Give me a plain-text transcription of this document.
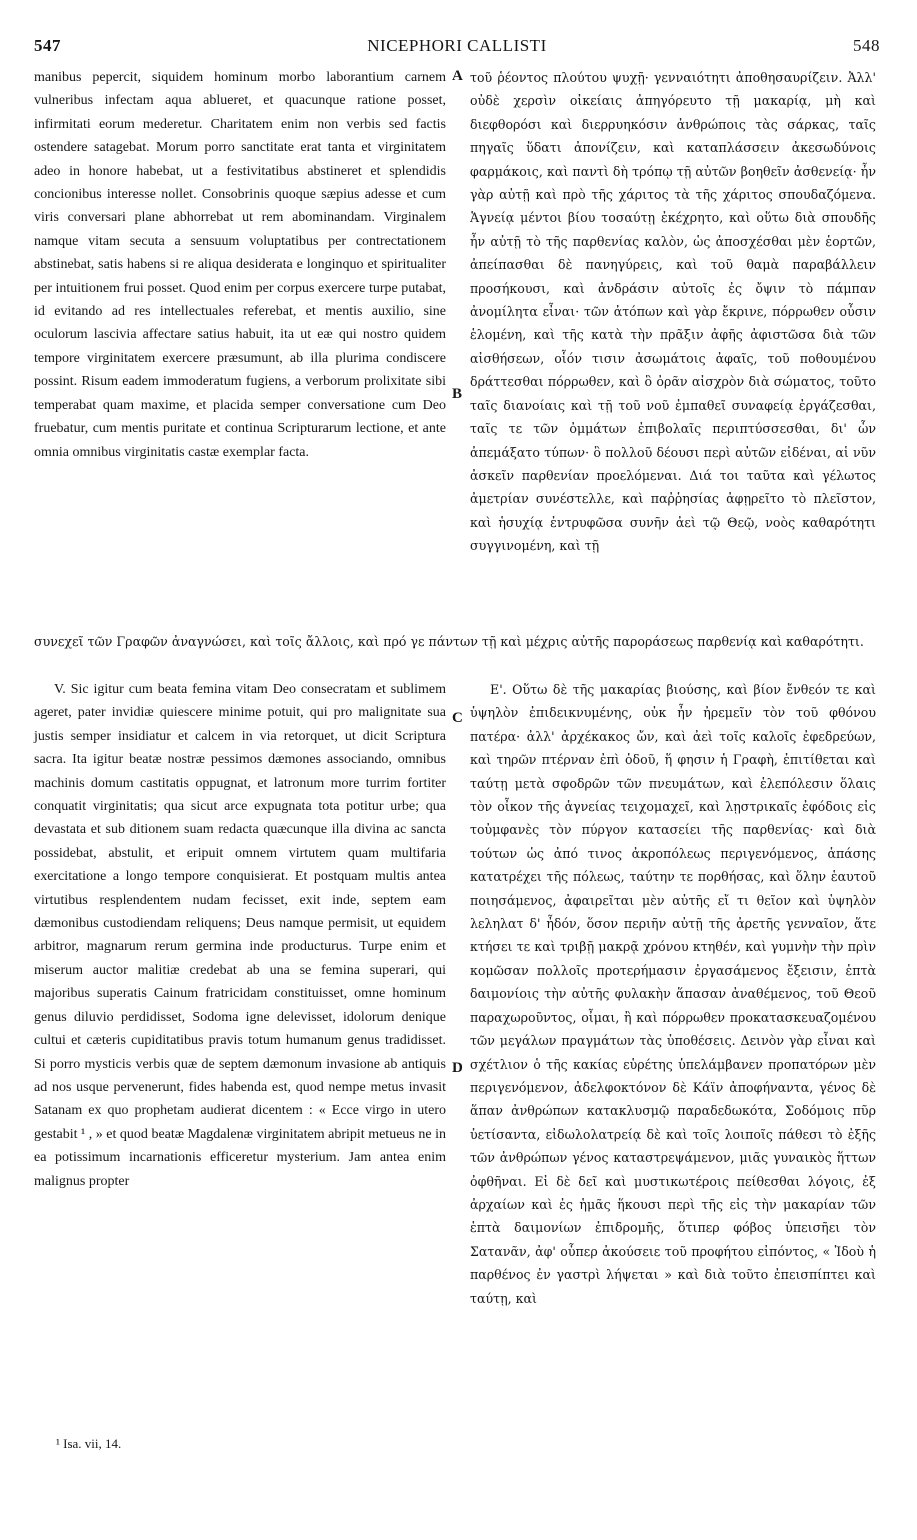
547	NICEPHORI CALLISTI	548

manibus pepercit, siquidem hominum morbo laborantium carnem vulneribus infectam aqua ablueret, et quacunque ratione posset, infirmitati eorum mederetur. Charitatem enim non verbis sed factis ostendere satagebat. Morum porro sanctitate erat tanta et virginitatem adeo in honore habebat, ut a festivitatibus abstineret et splendidis concionibus interesse nollet. Consobrinis quoque sæpius adesse et cum viris conversari plane abhorrebat ut rem abominandam. Virginalem namque vitam secuta a sensuum voluptatibus per contrectationem abstinebat, satis habens si re aliqua desiderata e longinquo et spiritualiter per intuitionem frui posset. Quod enim per corpus exercere turpe putabat, id evitando ad res intellectuales referebat, et mentis auxilio, sine oculorum lascivia affectare satius habuit, ita ut eæ qui nostro quidem tempore virginitatem exercere præsumunt, ab illa plurima condiscere possint. Risum eadem immoderatum fugiens, a verborum prolixitate sibi temperabat quam maxime, et placida semper conversatione cum Deo fruebatur, cum mentis puritate et continua Scripturarum lectione, et ante omnia omnibus virginitatis castæ exemplar facta.

τοῦ ῥέοντος πλούτου ψυχῇ· γενναιότητι ἀποθησαυρίζειν. Ἀλλ' οὐδὲ χερσὶν οἰκείαις ἀπηγόρευτο τῇ μακαρίᾳ, μὴ καὶ διεφθορόσι καὶ διερρυηκόσιν ἀνθρώποις τὰς σάρκας, ταῖς πηγαῖς ὕδατι ἀπονίζειν, καὶ καταπλάσσειν ἀκεσωδύνοις φαρμάκοις, καὶ παντὶ δὴ τρόπῳ τῇ αὐτῶν βοηθεῖν ἀσθενείᾳ· ἦν γὰρ αὐτῇ καὶ πρὸ τῆς χάριτος τὰ τῆς χάριτος σπουδαζόμενα. Ἁγνείᾳ μέντοι βίου τοσαύτῃ ἐκέχρητο, καὶ οὕτω διὰ σπουδῆς ἦν αὐτῇ τὸ τῆς παρθενίας καλὸν, ὡς ἀποσχέσθαι μὲν ἑορτῶν, ἀπείπασθαι δὲ πανηγύρεις, καὶ τοῦ θαμὰ παραβάλλειν προσήκουσι, καὶ ἀνδράσιν αὐτοῖς ἐς ὄψιν τὸ πάμπαν ἀνομίλητα εἶναι· τῶν ἀτόπων καὶ γὰρ ἔκρινε, πόρρωθεν οὖσιν ἑλομένη, καὶ τῆς κατὰ τὴν πρᾶξιν ἀφῆς ἀφιστῶσα διὰ τῶν αἰσθήσεων, οἷόν τισιν ἀσωμάτοις ἀφαῖς, τοῦ ποθουμένου δράττεσθαι πόρρωθεν, καὶ ὃ ὀρᾶν αἰσχρὸν διὰ σώματος, τοῦτο ταῖς διανοίαις καὶ τῇ τοῦ νοῦ ἐμπαθεῖ συναφείᾳ ἐργάζεσθαι, ταῖς τε τῶν ὀμμάτων ἐπιβολαῖς περιπτύσσεσθαι, δι' ὧν ἀπεμάξατο τύπων· ὃ πολλοῦ δέουσι περὶ αὐτῶν εἰδέναι, αἱ νῦν ἀσκεῖν παρθενίαν προελόμεναι. Διά τοι ταῦτα καὶ γέλωτος ἀμετρίαν συνέστελλε, καὶ παῤῥησίας ἀφῃρεῖτο τὸ πλεῖστον, καὶ ἡσυχίᾳ ἐντρυφῶσα συνῆν ἀεὶ τῷ Θεῷ, νοὸς καθαρότητι συγγινομένη, καὶ τῇ

συνεχεῖ τῶν Γραφῶν ἀναγνώσει, καὶ τοῖς ἄλλοις, καὶ πρό γε πάντων τῇ καὶ μέχρις αὐτῆς παροράσεως παρθενίᾳ καὶ καθαρότητι.

V. Sic igitur cum beata femina vitam Deo consecratam et sublimem ageret, pater invidiæ quiescere minime potuit, qui pro malignitate sua justis semper insidiatur et calcem in via retorquet, ut dicit Scriptura sacra. Ita igitur beatæ nostræ pessimos dæmones associando, omnibus machinis domum castitatis oppugnat, et latronum more turrim fortiter conquatit virginitatis; qua sicut arce expugnata tota potitur urbe; qua devastata et sub ditionem suam redacta quæcunque illa divina ac sancta possidebat, abstulit, et eripuit omnem virtutem quam multifaria exercitatione a longo tempore conquisierat. Et postquam multis antea virtutibus resplendentem nudam fecisset, exit inde, septem eam dæmonibus custodiendam reliquens; Deus namque permisit, ut equidem arbitror, magnarum rerum germina inde producturus. Turpe enim et miserum auctor malitiæ credebat ab una se femina superari, qui majoribus superatis Cainum fratricidam constituisset, omne hominum genus diluvio perdidisset, Sodoma igne delevisset, idolorum denique cultui et cæteris cupiditatibus pravis totum humanum genus tradidisset. Si porro mysticis verbis quæ de septem dæmonum invasione ab antiquis ad nos usque pervenerunt, fides habenda est, quod nempe metus invasit Satanam ex quo prophetam audierat dicentem : « Ecce virgo in utero gestabit ¹ , » et quod beatæ Magdalenæ virginitatem abripit metueus ne in ea potissimum incarnationis efficeretur mysterium. Jam antea enim malignus propter

Ε'. Οὕτω δὲ τῆς μακαρίας βιούσης, καὶ βίον ἔνθεόν τε καὶ ὑψηλὸν ἐπιδεικνυμένης, οὐκ ἦν ἠρεμεῖν τὸν τοῦ φθόνου πατέρα· ἀλλ' ἀρχέκακος ὤν, καὶ ἀεὶ τοῖς καλοῖς ἐφεδρεύων, καὶ τηρῶν πτέρναν ἐπὶ ὁδοῦ, ἥ φησιν ἡ Γραφὴ, ἐπιτίθεται καὶ ταύτῃ μετὰ σφοδρῶν τῶν πνευμάτων, καὶ ἑλεπόλεσιν ὅλαις τὸν οἶκον τῆς ἁγνείας τειχομαχεῖ, καὶ λῃστρικαῖς ἐφόδοις εἰς τοὐμφανὲς τὸν πύργον κατασείει τῆς παρθενίας· καὶ διὰ τούτων ὡς ἀπό τινος ἀκροπόλεως περιγενόμενος, ἁπάσης κατατρέχει τῆς πόλεως, ταύτην τε πορθήσας, καὶ ὅλην ἑαυτοῦ ποιησάμενος, ἀφαιρεῖται μὲν αὐτῆς εἴ τι θεῖον καὶ ὑψηλὸν λεληλατ δ' ἦδόν, ὅσον περιῆν αὐτῇ τῆς ἀρετῆς γενναῖον, ἅτε κτήσει τε καὶ τριβῇ μακρᾷ χρόνου κτηθέν, καὶ γυμνὴν τὴν πρὶν κομῶσαν πολλοῖς προτερήμασιν ἐργασάμενος ἔξεισιν, ἑπτὰ δαιμονίοις τὴν αὐτῆς φυλακὴν ἅπασαν ἀναθέμενος, τοῦ Θεοῦ παραχωροῦντος, οἶμαι, ἢ καὶ πόρρωθεν προκατασκευαζομένου τῶν μεγάλων πραγμάτων τὰς ὑποθέσεις. Δεινὸν γὰρ εἶναι καὶ σχέτλιον ὁ τῆς κακίας εὑρέτης ὑπελάμβανεν προπατόρων μὲν περιγενόμενον, ἀδελφοκτόνον δὲ Κάϊν ἀποφήναντα, γένος δὲ ἅπαν ἀνθρώπων κατακλυσμῷ παραδεδωκότα, Σοδόμοις πῦρ ὑετίσαντα, εἰδωλολατρείᾳ δὲ καὶ τοῖς λοιποῖς πάθεσι τὸ ἐξῆς τῶν ἀνθρώπων γένος καταστρεψάμενον, μιᾶς γυναικὸς ἥττων ὀφθῆναι. Εἰ δὲ δεῖ καὶ μυστικωτέροις πείθεσθαι λόγοις, ἐξ ἀρχαίων καὶ ἐς ἡμᾶς ἥκουσι περὶ τῆς εἰς τὴν μακαρίαν τῶν ἑπτὰ δαιμονίων ἐπιδρομῆς, ὅτιπερ φόβος ὑπεισῆει τὸν Σατανᾶν, ἀφ' οὗπερ ἀκούσειε τοῦ προφήτου εἰπόντος, « Ἰδοὺ ἡ παρθένος ἐν γαστρὶ λήψεται » καὶ διὰ τοῦτο ἐπεισπίπτει καὶ ταύτῃ, καὶ

A
B
C
D
¹ Isa. vii, 14.
